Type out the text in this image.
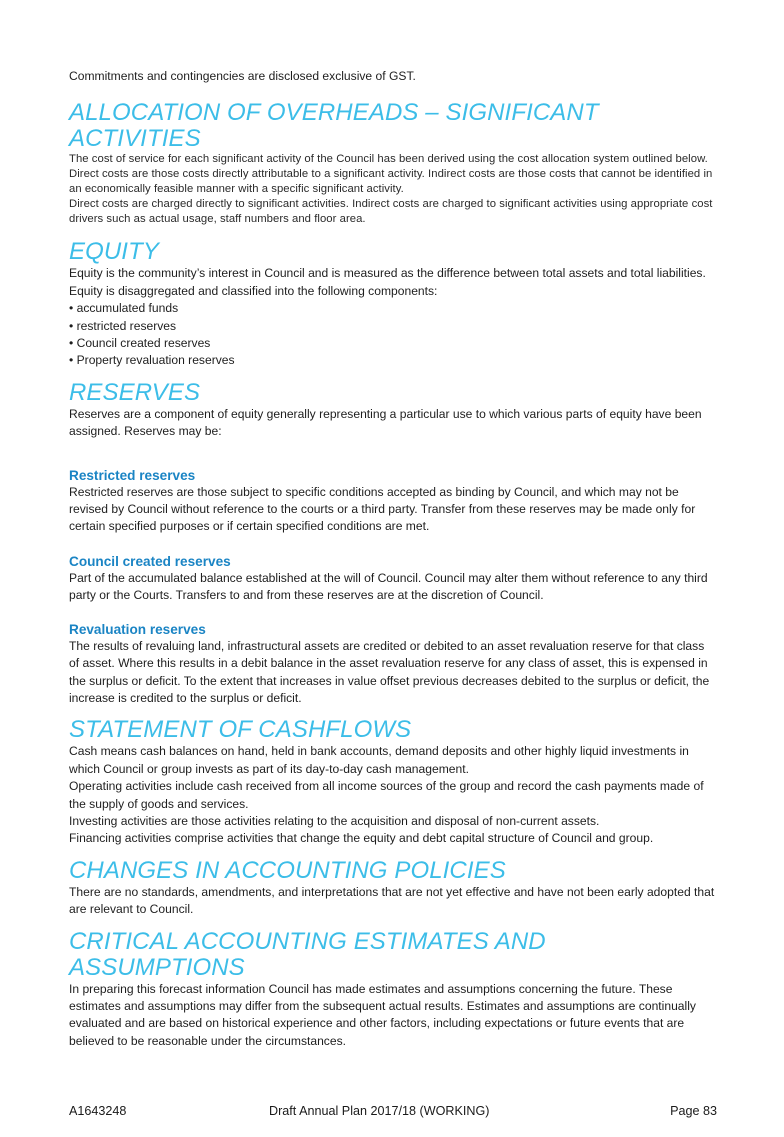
Commitments and contingencies are disclosed exclusive of GST.

ALLOCATION OF OVERHEADS – SIGNIFICANT ACTIVITIES

The cost of service for each significant activity of the Council has been derived using the cost allocation system outlined below.

Direct costs are those costs directly attributable to a significant activity. Indirect costs are those costs that cannot be identified in an economically feasible manner with a specific significant activity.

Direct costs are charged directly to significant activities. Indirect costs are charged to significant activities using appropriate cost drivers such as actual usage, staff numbers and floor area.

EQUITY

Equity is the community’s interest in Council and is measured as the difference between total assets and total liabilities. Equity is disaggregated and classified into the following components:

• accumulated funds
• restricted reserves
• Council created reserves
• Property revaluation reserves
RESERVES

Reserves are a component of equity generally representing a particular use to which various parts of equity have been assigned. Reserves may be:

Restricted reserves

Restricted reserves are those subject to specific conditions accepted as binding by Council, and which may not be revised by Council without reference to the courts or a third party. Transfer from these reserves may be made only for certain specified purposes or if certain specified conditions are met.

Council created reserves

Part of the accumulated balance established at the will of Council. Council may alter them without reference to any third party or the Courts. Transfers to and from these reserves are at the discretion of Council.

Revaluation reserves

The results of revaluing land, infrastructural assets are credited or debited to an asset revaluation reserve for that class of asset. Where this results in a debit balance in the asset revaluation reserve for any class of asset, this is expensed in the surplus or deficit. To the extent that increases in value offset previous decreases debited to the surplus or deficit, the increase is credited to the surplus or deficit.

STATEMENT OF CASHFLOWS

Cash means cash balances on hand, held in bank accounts, demand deposits and other highly liquid investments in which Council or group invests as part of its day-to-day cash management.

Operating activities include cash received from all income sources of the group and record the cash payments made of the supply of goods and services.

Investing activities are those activities relating to the acquisition and disposal of non-current assets.

Financing activities comprise activities that change the equity and debt capital structure of Council and group.

CHANGES IN ACCOUNTING POLICIES

There are no standards, amendments, and interpretations that are not yet effective and have not been early adopted that are relevant to Council.

CRITICAL ACCOUNTING ESTIMATES AND ASSUMPTIONS

In preparing this forecast information Council has made estimates and assumptions concerning the future. These estimates and assumptions may differ from the subsequent actual results. Estimates and assumptions are continually evaluated and are based on historical experience and other factors, including expectations or future events that are believed to be reasonable under the circumstances.

A1643248	Draft Annual Plan 2017/18 (WORKING)	Page 83
